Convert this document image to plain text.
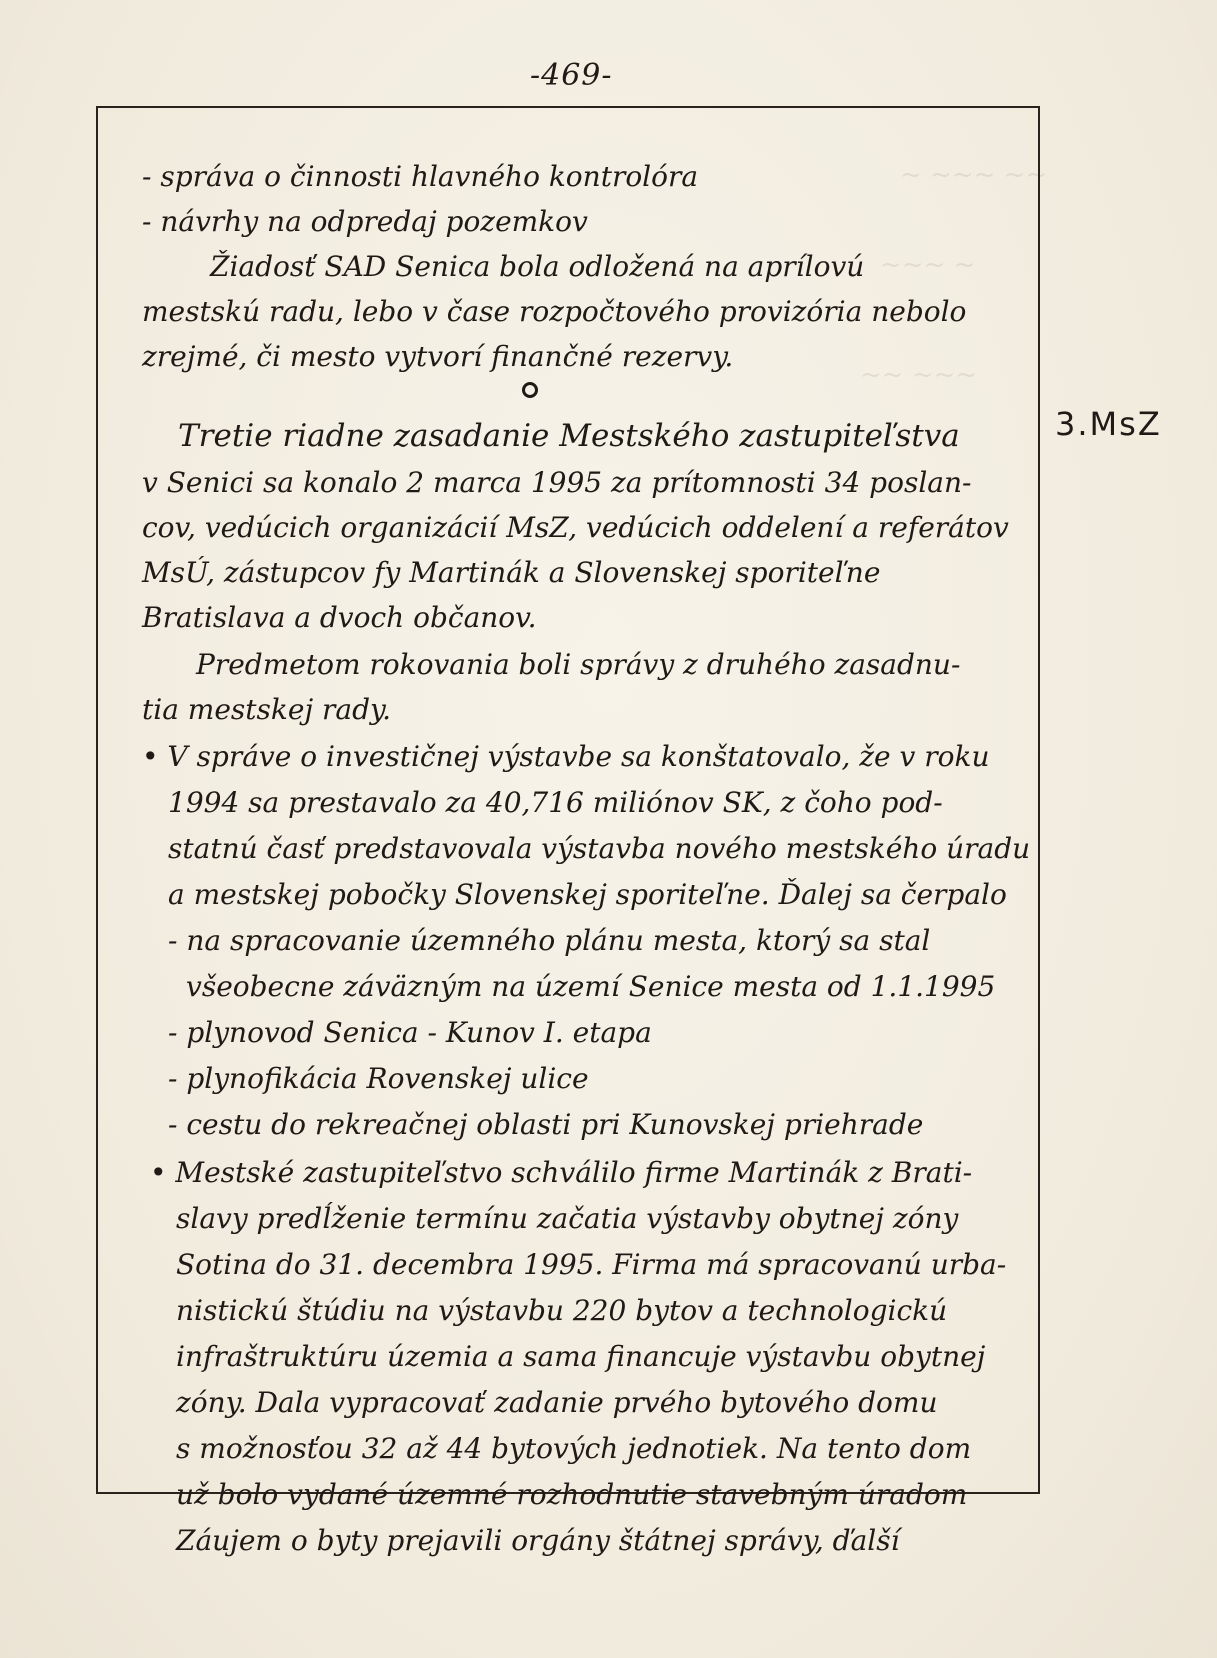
~ ~~~ ~~
~~~ ~
~~ ~~~
-469-
3.MsZ
- správa o činnosti hlavného kontrolóra
- návrhy na odpredaj pozemkov
Žiadosť SAD Senica bola odložená na aprílovú
mestskú radu, lebo v čase rozpočtového provizória nebolo
zrejmé, či mesto vytvorí finančné rezervy.
Tretie riadne zasadanie Mestského zastupiteľstva
v Senici sa konalo 2 marca 1995 za prítomnosti 34 poslan-
cov, vedúcich organizácií MsZ, vedúcich oddelení a referátov
MsÚ, zástupcov fy Martinák a Slovenskej sporiteľne
Bratislava a dvoch občanov.
Predmetom rokovania boli správy z druhého zasadnu-
tia mestskej rady.
• V správe o investičnej výstavbe sa konštatovalo, že v roku
1994 sa prestavalo za 40,716 miliónov SK, z čoho pod-
statnú časť predstavovala výstavba nového mestského úradu
a mestskej pobočky Slovenskej sporiteľne. Ďalej sa čerpalo
- na spracovanie územného plánu mesta, ktorý sa stal
všeobecne záväzným na území Senice mesta od 1.1.1995
- plynovod Senica - Kunov I. etapa
- plynofikácia Rovenskej ulice
- cestu do rekreačnej oblasti pri Kunovskej priehrade
• Mestské zastupiteľstvo schválilo firme Martinák z Brati-
slavy predĺženie termínu začatia výstavby obytnej zóny
Sotina do 31. decembra 1995. Firma má spracovanú urba-
nistickú štúdiu na výstavbu 220 bytov a technologickú
infraštruktúru územia a sama financuje výstavbu obytnej
zóny. Dala vypracovať zadanie prvého bytového domu
s možnosťou 32 až 44 bytových jednotiek. Na tento dom
už bolo vydané územné rozhodnutie stavebným úradom
Záujem o byty prejavili orgány štátnej správy, ďalší
